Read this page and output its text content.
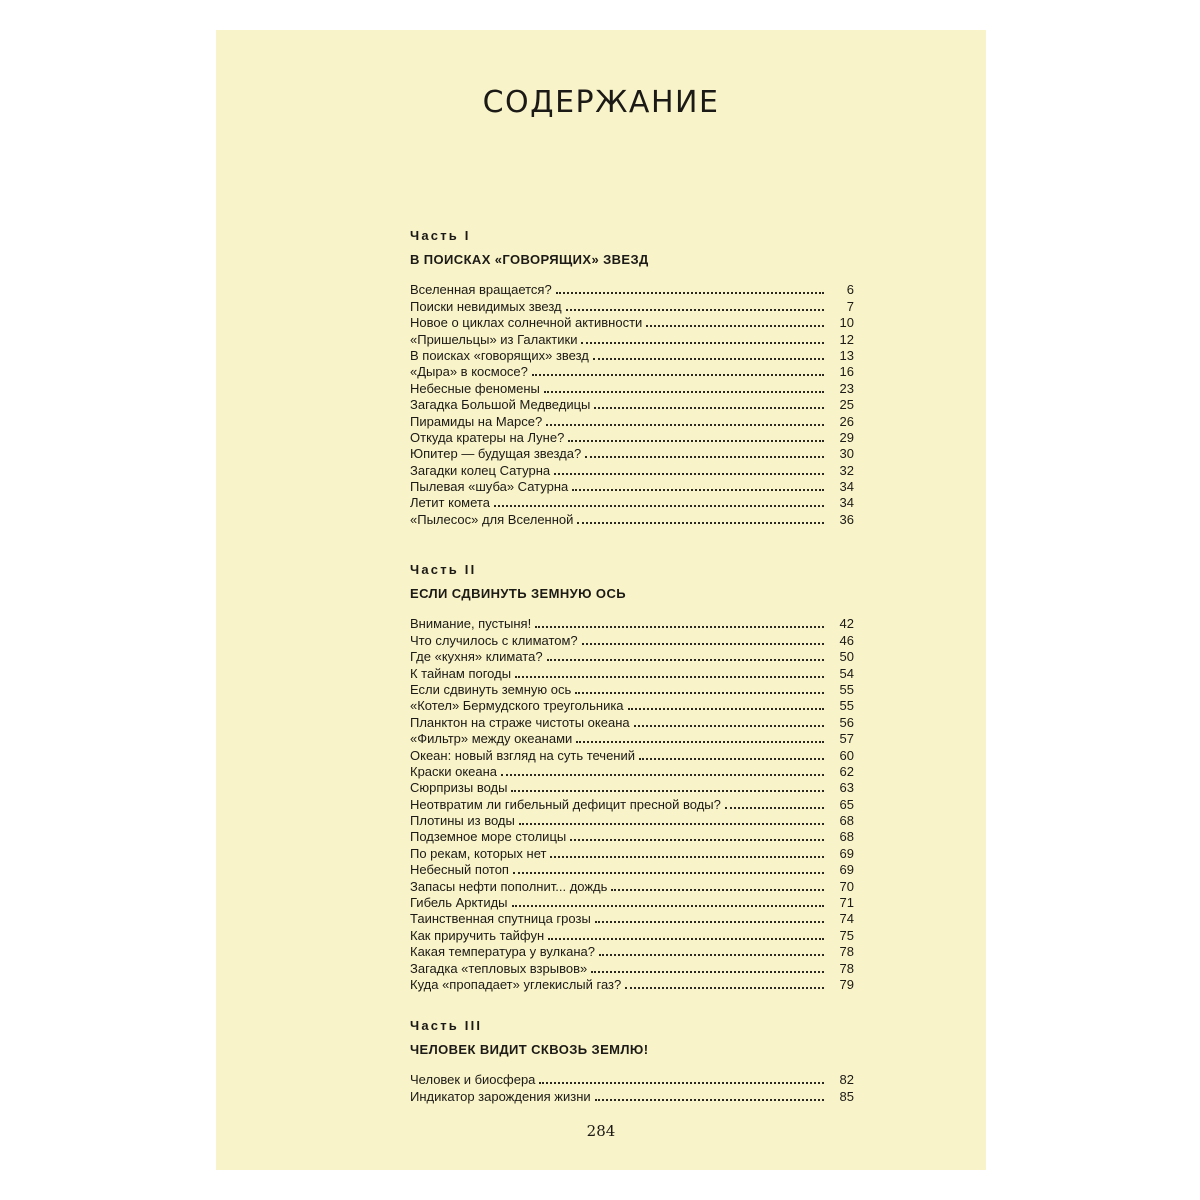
СОДЕРЖАНИЕ
Часть I
В ПОИСКАХ «ГОВОРЯЩИХ» ЗВЕЗД
Вселенная вращается?	6
Поиски невидимых звезд	7
Новое о циклах солнечной активности	10
«Пришельцы» из Галактики	12
В поисках «говорящих» звезд	13
«Дыра» в космосе?	16
Небесные феномены	23
Загадка Большой Медведицы	25
Пирамиды на Марсе?	26
Откуда кратеры на Луне?	29
Юпитер — будущая звезда?	30
Загадки колец Сатурна	32
Пылевая «шуба» Сатурна	34
Летит комета	34
«Пылесос» для Вселенной	36
Часть II
ЕСЛИ СДВИНУТЬ ЗЕМНУЮ ОСЬ
Внимание, пустыня!	42
Что случилось с климатом?	46
Где «кухня» климата?	50
К тайнам погоды	54
Если сдвинуть земную ось	55
«Котел» Бермудского треугольника	55
Планктон на страже чистоты океана	56
«Фильтр» между океанами	57
Океан: новый взгляд на суть течений	60
Краски океана	62
Сюрпризы воды	63
Неотвратим ли гибельный дефицит пресной воды?	65
Плотины из воды	68
Подземное море столицы	68
По рекам, которых нет	69
Небесный потоп	69
Запасы нефти пополнит... дождь	70
Гибель Арктиды	71
Таинственная спутница грозы	74
Как приручить тайфун	75
Какая температура у вулкана?	78
Загадка «тепловых взрывов»	78
Куда «пропадает» углекислый газ?	79
Часть III
ЧЕЛОВЕК ВИДИТ СКВОЗЬ ЗЕМЛЮ!
Человек и биосфера	82
Индикатор зарождения жизни	85
284
